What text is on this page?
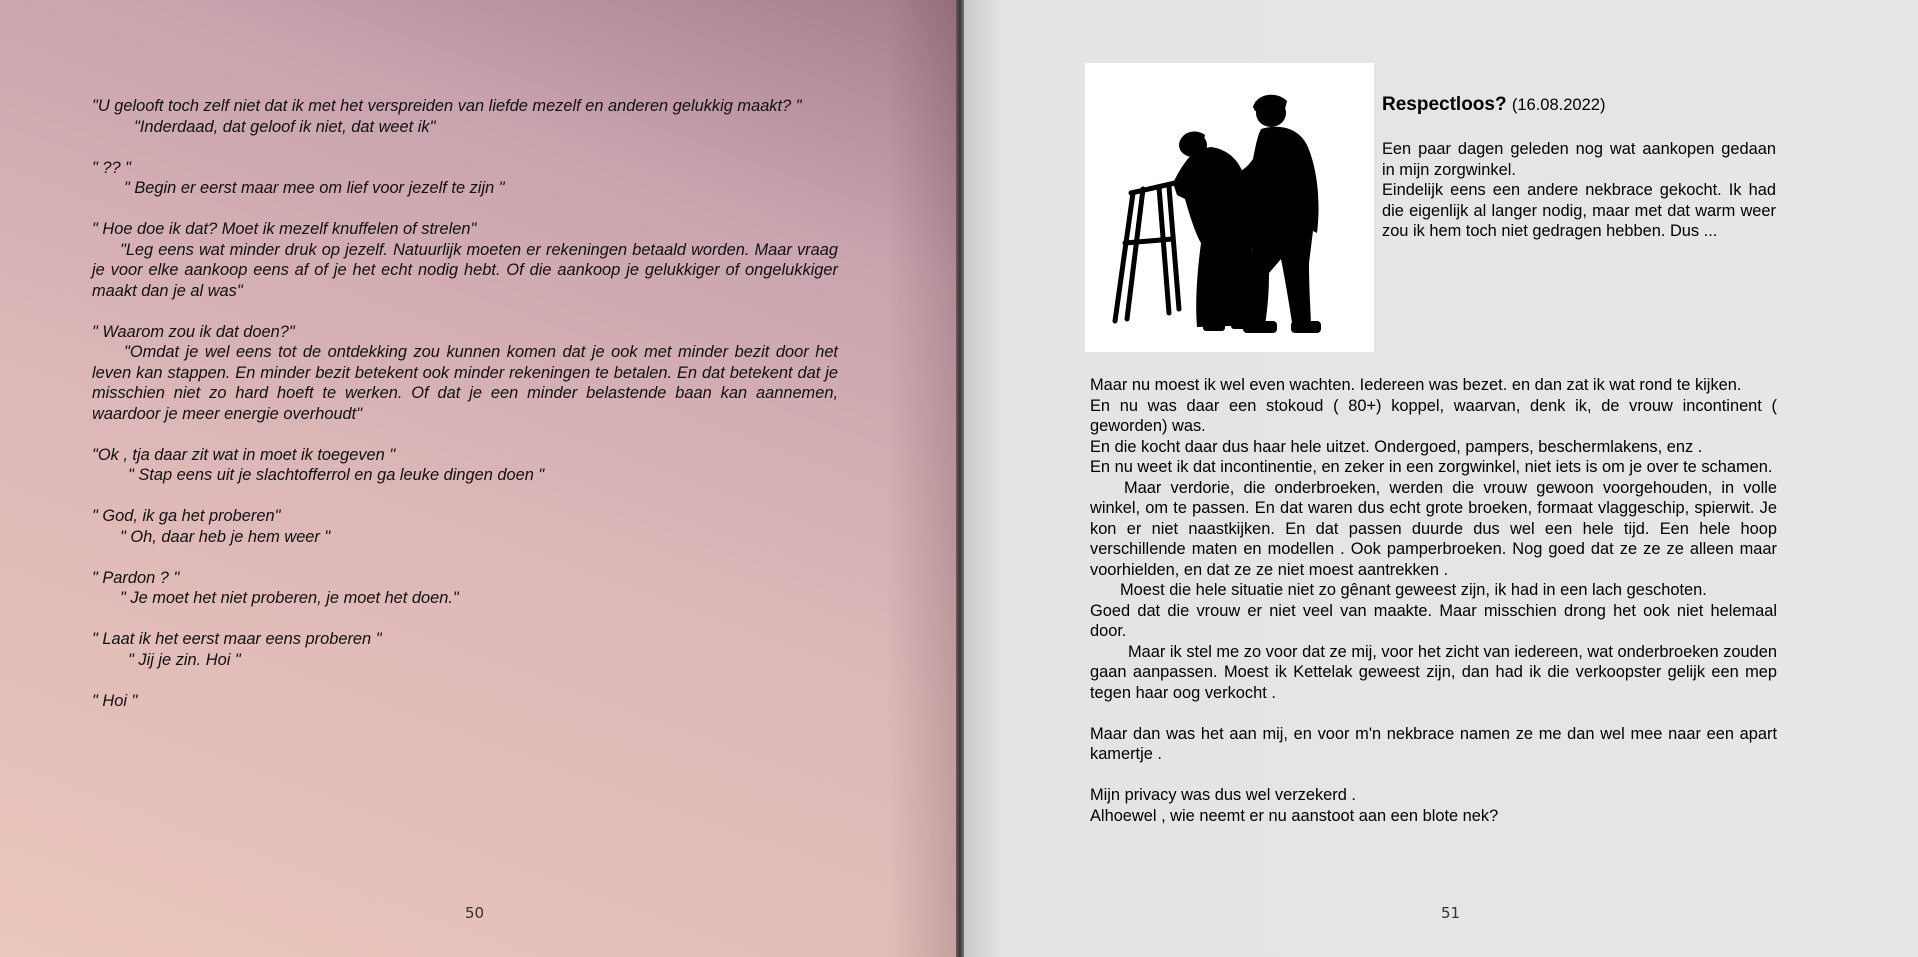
"U gelooft toch zelf niet dat ik met het verspreiden van liefde mezelf en anderen gelukkig maakt? "

"Inderdaad, dat geloof ik niet, dat weet ik"

" ?? "

" Begin er eerst maar mee om lief voor jezelf te zijn "

" Hoe doe ik dat? Moet ik mezelf knuffelen of strelen"

"Leg eens wat minder druk op jezelf. Natuurlijk moeten er rekeningen betaald worden. Maar vraag je voor elke aankoop eens af of je het echt nodig hebt. Of die aankoop je gelukkiger of ongelukkiger maakt dan je al was"

" Waarom zou ik dat doen?"

"Omdat je wel eens tot de ontdekking zou kunnen komen dat je ook met minder bezit door het leven kan stappen. En minder bezit betekent ook minder rekeningen te betalen. En dat betekent dat je misschien niet zo hard hoeft te werken. Of dat je een minder belastende baan kan aannemen, waardoor je meer energie overhoudt"

"Ok , tja daar zit wat in moet ik toegeven "

" Stap eens uit je slachtofferrol en ga leuke dingen doen "

" God, ik ga het proberen"

" Oh, daar heb je hem weer "

" Pardon ? "

" Je moet het niet proberen, je moet het doen."

" Laat ik het eerst maar eens proberen "

" Jij je zin. Hoi "

" Hoi "

50
Respectloos? (16.08.2022)

Een paar dagen geleden nog wat aankopen gedaan in mijn zorgwinkel.

Eindelijk eens een andere nekbrace gekocht. Ik had die eigenlijk al langer nodig, maar met dat warm weer zou ik hem toch niet gedragen hebben. Dus ...

Maar nu moest ik wel even wachten. Iedereen was bezet. en dan zat ik wat rond te kijken.

En nu was daar een stokoud ( 80+) koppel, waarvan, denk ik, de vrouw incontinent ( geworden) was.

En die kocht daar dus haar hele uitzet. Ondergoed, pampers, beschermlakens, enz .

En nu weet ik dat incontinentie, en zeker in een zorgwinkel, niet iets is om je over te schamen.

Maar verdorie, die onderbroeken, werden die vrouw gewoon voorgehouden, in volle winkel, om te passen. En dat waren dus echt grote broeken, formaat vlaggeschip, spierwit. Je kon er niet naastkijken. En dat passen duurde dus wel een hele tijd. Een hele hoop verschillende maten en modellen . Ook pamperbroeken. Nog goed dat ze ze ze alleen maar voorhielden, en dat ze ze niet moest aantrekken .

Moest die hele situatie niet zo gênant geweest zijn, ik had in een lach geschoten.

Goed dat die vrouw er niet veel van maakte. Maar misschien drong het ook niet helemaal door.

Maar ik stel me zo voor dat ze mij, voor het zicht van iedereen, wat onderbroeken zouden gaan aanpassen. Moest ik Kettelak geweest zijn, dan had ik die verkoopster gelijk een mep tegen haar oog verkocht .

Maar dan was het aan mij, en voor m'n nekbrace namen ze me dan wel mee naar een apart kamertje .

Mijn privacy was dus wel verzekerd .

Alhoewel , wie neemt er nu aanstoot aan een blote nek?

51
